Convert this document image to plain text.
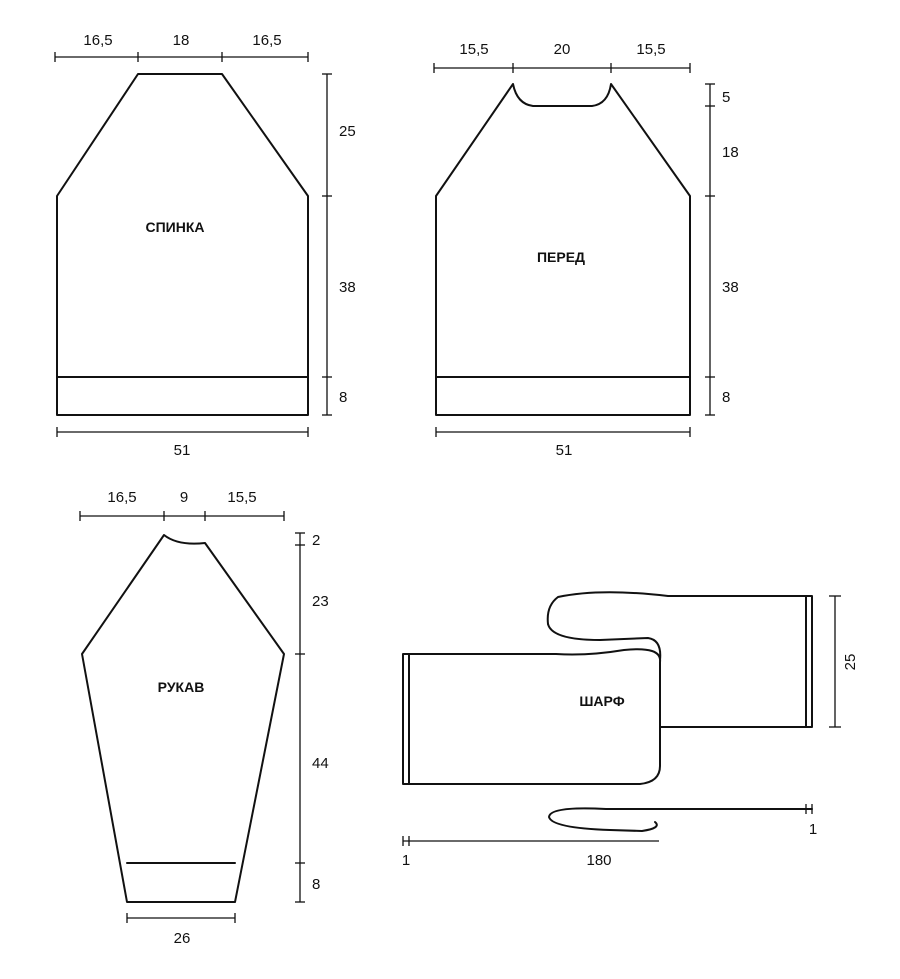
СПИНКА
16,5	18	16,5
25
38
8
51
ПЕРЕД
15,5	20	15,5
5
18
38
8
51
РУКАВ
16,5	9	15,5
2
23
44
8
26
ШАРФ
25
1	180
1
